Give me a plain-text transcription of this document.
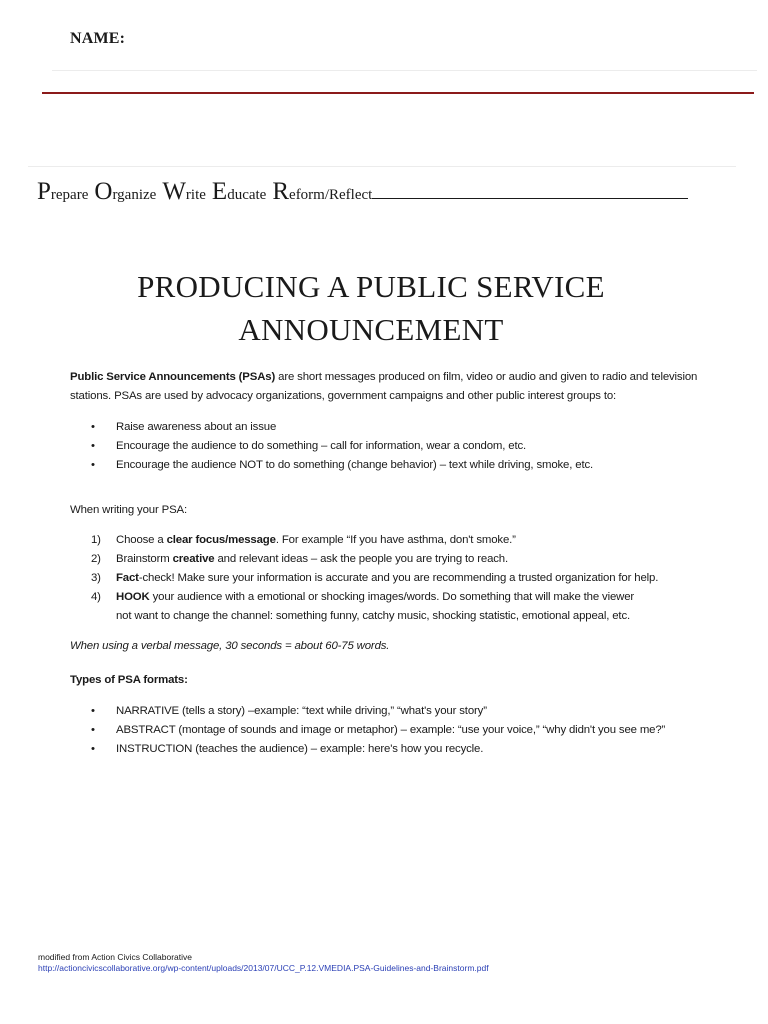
NAME:
Prepare Organize Write Educate Reform/Reflect
PRODUCING A PUBLIC SERVICE
ANNOUNCEMENT
Public Service Announcements (PSAs) are short messages produced on film, video or audio and given to radio and television
stations. PSAs are used by advocacy organizations, government campaigns and other public interest groups to:
• Raise awareness about an issue
• Encourage the audience to do something – call for information, wear a condom, etc.
• Encourage the audience NOT to do something (change behavior) – text while driving, smoke, etc.
When writing your PSA:
1) Choose a clear focus/message. For example “If you have asthma, don't smoke.”
2) Brainstorm creative and relevant ideas – ask the people you are trying to reach.
3) Fact-check! Make sure your information is accurate and you are recommending a trusted organization for help.
4) HOOK your audience with a emotional or shocking images/words. Do something that will make the viewer
not want to change the channel: something funny, catchy music, shocking statistic, emotional appeal, etc.
When using a verbal message, 30 seconds = about 60-75 words.
Types of PSA formats:
• NARRATIVE (tells a story) –example: “text while driving,” “what's your story”
• ABSTRACT (montage of sounds and image or metaphor) – example: “use your voice,” “why didn't you see me?”
• INSTRUCTION (teaches the audience) – example: here's how you recycle.
modified from Action Civics Collaborative
http://actioncivicscollaborative.org/wp-content/uploads/2013/07/UCC_P.12.VMEDIA.PSA-Guidelines-and-Brainstorm.pdf
